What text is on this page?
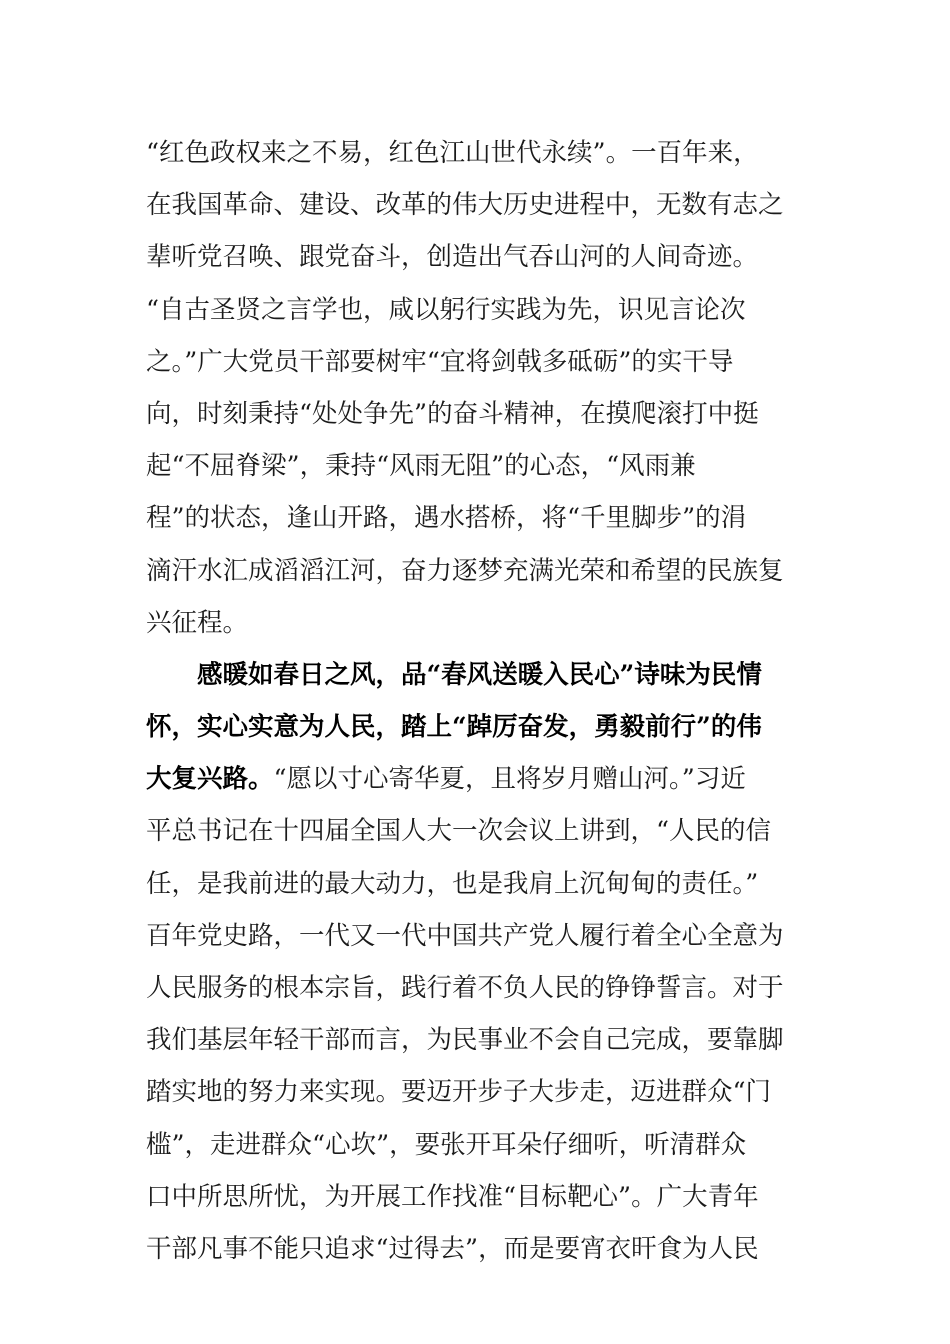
“红色政权来之不易，红色江山世代永续”。一百年来，
在我国革命、建设、改革的伟大历史进程中，无数有志之
辈听党召唤、跟党奋斗，创造出气吞山河的人间奇迹。
“自古圣贤之言学也，咸以躬行实践为先，识见言论次
之。”广大党员干部要树牢“宜将剑戟多砥砺”的实干导
向，时刻秉持“处处争先”的奋斗精神，在摸爬滚打中挺
起“不屈脊梁”，秉持“风雨无阻”的心态，“风雨兼
程”的状态，逢山开路，遇水搭桥，将“千里脚步”的涓
滴汗水汇成滔滔江河，奋力逐梦充满光荣和希望的民族复
兴征程。
　　感暖如春日之风，品“春风送暖入民心”诗味为民情
怀，实心实意为人民，踏上“踔厉奋发，勇毅前行”的伟
大复兴路。“愿以寸心寄华夏，且将岁月赠山河。”习近
平总书记在十四届全国人大一次会议上讲到，“人民的信
任，是我前进的最大动力，也是我肩上沉甸甸的责任。”
百年党史路，一代又一代中国共产党人履行着全心全意为
人民服务的根本宗旨，践行着不负人民的铮铮誓言。对于
我们基层年轻干部而言，为民事业不会自己完成，要靠脚
踏实地的努力来实现。要迈开步子大步走，迈进群众“门
槛”，走进群众“心坎”，要张开耳朵仔细听，听清群众
口中所思所忧，为开展工作找准“目标靶心”。广大青年
干部凡事不能只追求“过得去”，而是要宵衣旰食为人民
